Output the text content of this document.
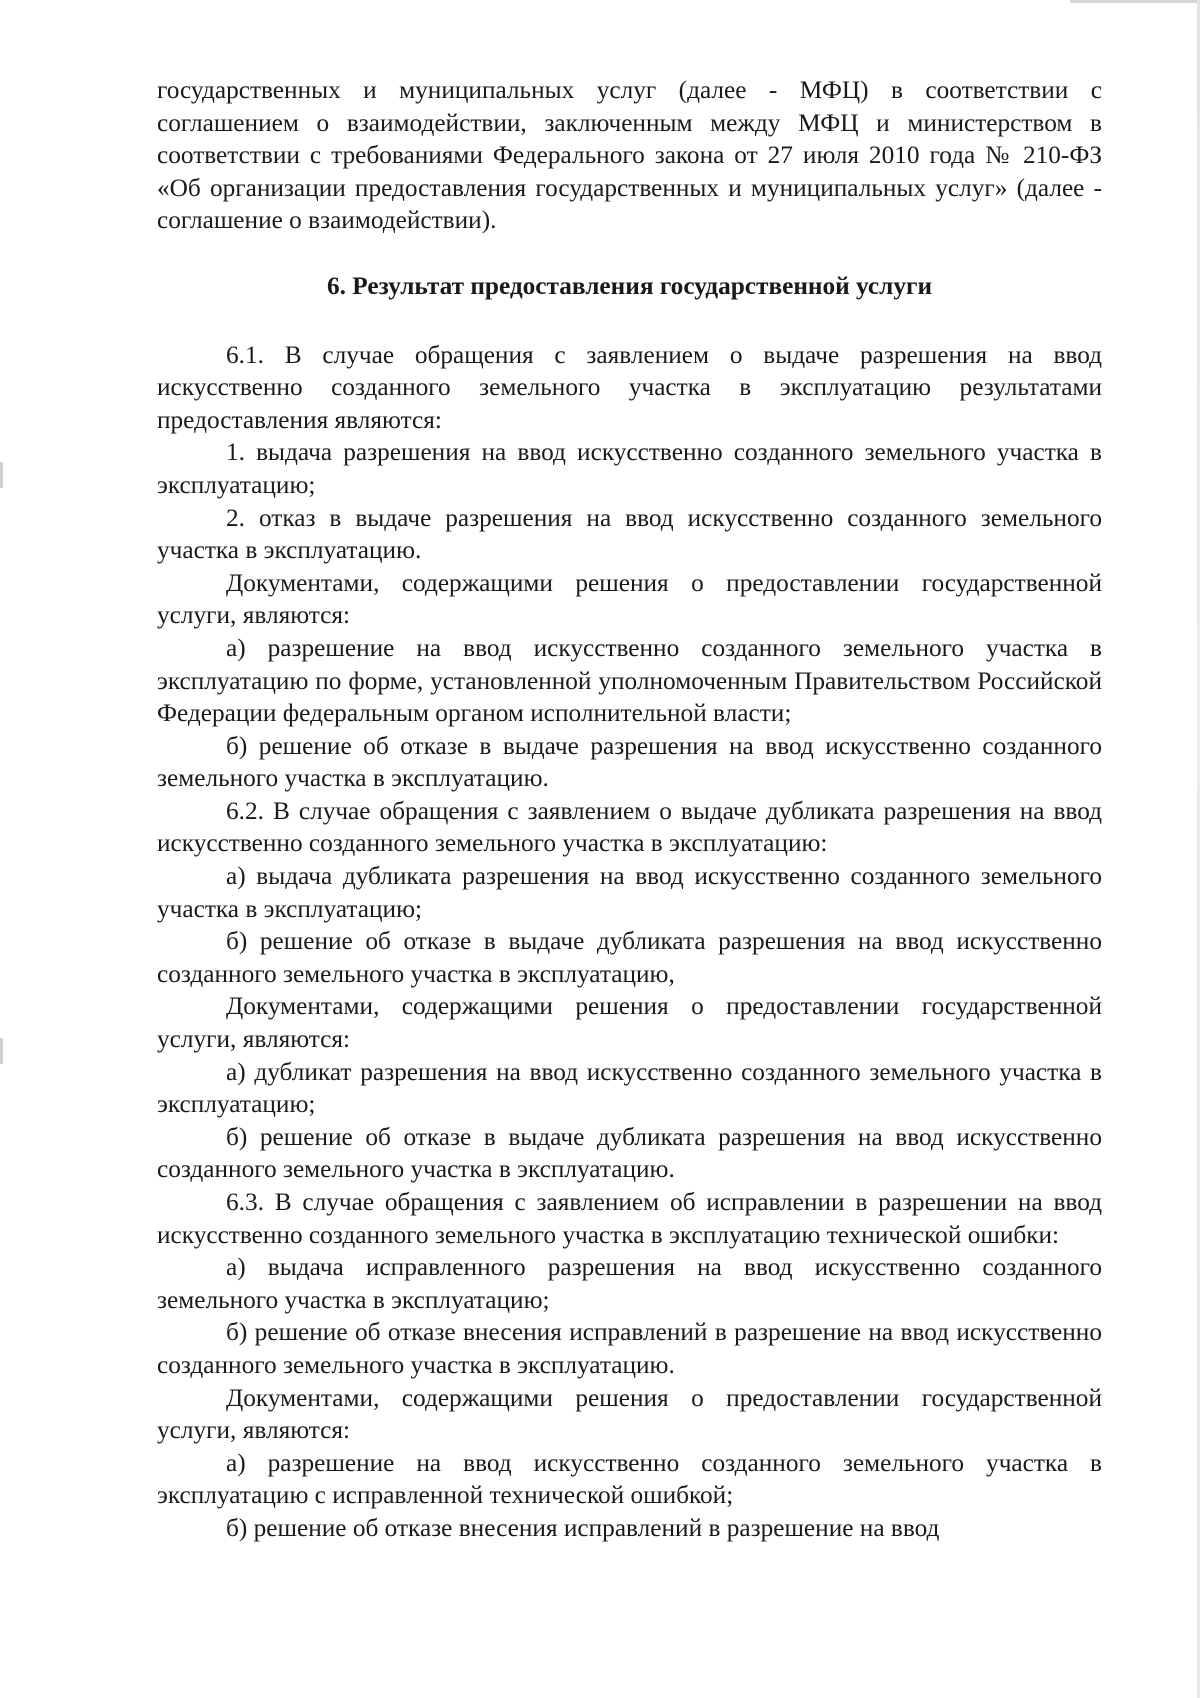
государственных и муниципальных услуг (далее - МФЦ) в соответствии с соглашением о взаимодействии, заключенным между МФЦ и министерством в соответствии с требованиями Федерального закона от 27 июля 2010 года № 210-ФЗ «Об организации предоставления государственных и муниципальных услуг» (далее - соглашение о взаимодействии).

6. Результат предоставления государственной услуги

6.1. В случае обращения с заявлением о выдаче разрешения на ввод искусственно созданного земельного участка в эксплуатацию результатами предоставления являются:

1. выдача разрешения на ввод искусственно созданного земельного участка в эксплуатацию;

2. отказ в выдаче разрешения на ввод искусственно созданного земельного участка в эксплуатацию.

Документами, содержащими решения о предоставлении государственной услуги, являются:

а) разрешение на ввод искусственно созданного земельного участка в эксплуатацию по форме, установленной уполномоченным Правительством Российской Федерации федеральным органом исполнительной власти;

б) решение об отказе в выдаче разрешения на ввод искусственно созданного земельного участка в эксплуатацию.

6.2. В случае обращения с заявлением о выдаче дубликата разрешения на ввод искусственно созданного земельного участка в эксплуатацию:

а) выдача дубликата разрешения на ввод искусственно созданного земельного участка в эксплуатацию;

б) решение об отказе в выдаче дубликата разрешения на ввод искусственно созданного земельного участка в эксплуатацию,

Документами, содержащими решения о предоставлении государственной услуги, являются:

а) дубликат разрешения на ввод искусственно созданного земельного участка в эксплуатацию;

б) решение об отказе в выдаче дубликата разрешения на ввод искусственно созданного земельного участка в эксплуатацию.

6.3. В случае обращения с заявлением об исправлении в разрешении на ввод искусственно созданного земельного участка в эксплуатацию технической ошибки:

а) выдача исправленного разрешения на ввод искусственно созданного земельного участка в эксплуатацию;

б) решение об отказе внесения исправлений в разрешение на ввод искусственно созданного земельного участка в эксплуатацию.

Документами, содержащими решения о предоставлении государственной услуги, являются:

а) разрешение на ввод искусственно созданного земельного участка в эксплуатацию с исправленной технической ошибкой;

б) решение об отказе внесения исправлений в разрешение на ввод
